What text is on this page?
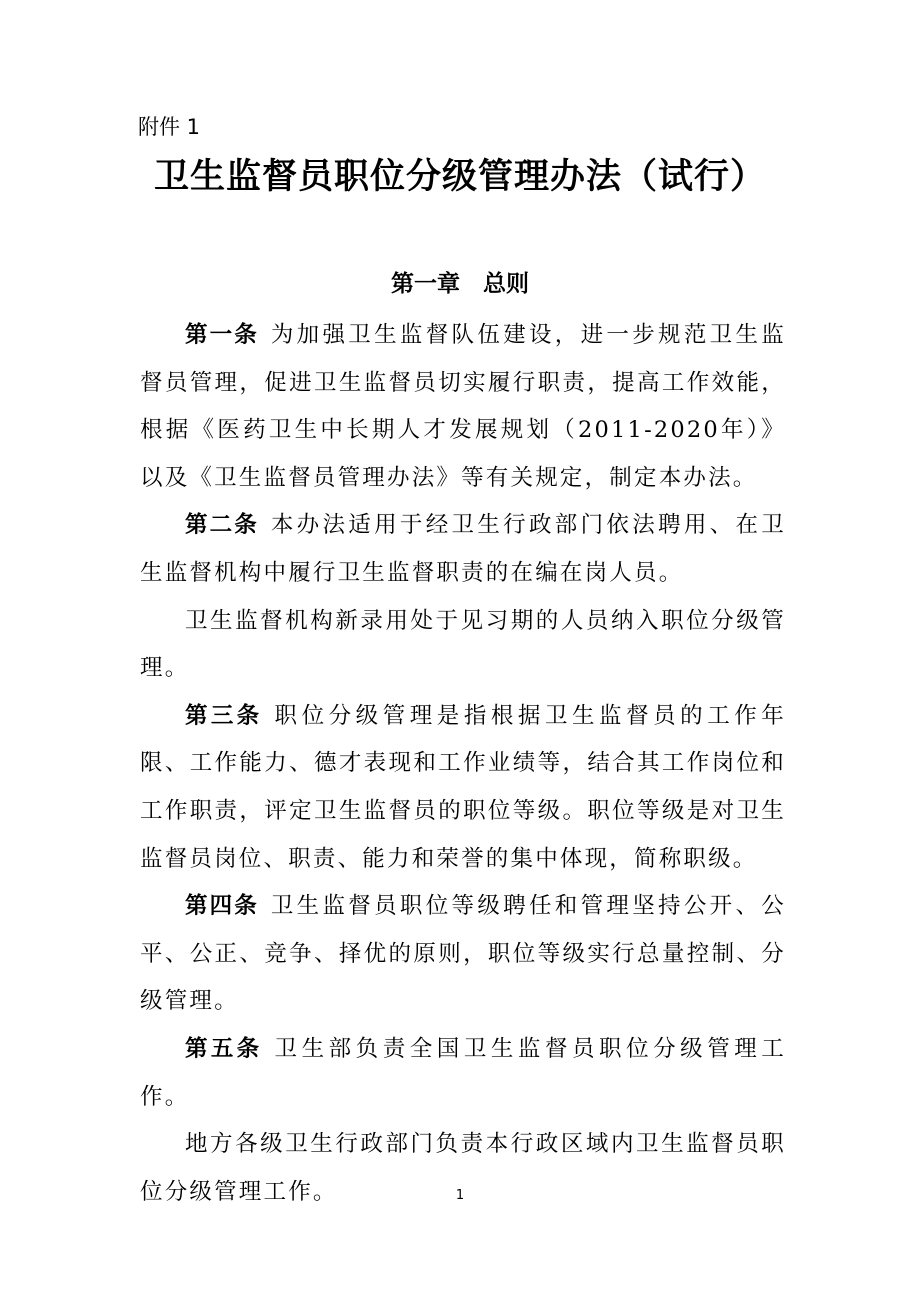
附件 1
卫生监督员职位分级管理办法（试行）
第一章　总则

第一条 为加强卫生监督队伍建设，进一步规范卫生监督员管理，促进卫生监督员切实履行职责，提高工作效能，根据《医药卫生中长期人才发展规划（2011-2020年）》以及《卫生监督员管理办法》等有关规定，制定本办法。

第二条 本办法适用于经卫生行政部门依法聘用、在卫生监督机构中履行卫生监督职责的在编在岗人员。

卫生监督机构新录用处于见习期的人员纳入职位分级管理。

第三条 职位分级管理是指根据卫生监督员的工作年限、工作能力、德才表现和工作业绩等，结合其工作岗位和工作职责，评定卫生监督员的职位等级。职位等级是对卫生监督员岗位、职责、能力和荣誉的集中体现，简称职级。

第四条 卫生监督员职位等级聘任和管理坚持公开、公平、公正、竞争、择优的原则，职位等级实行总量控制、分级管理。

第五条 卫生部负责全国卫生监督员职位分级管理工作。

地方各级卫生行政部门负责本行政区域内卫生监督员职位分级管理工作。	1
